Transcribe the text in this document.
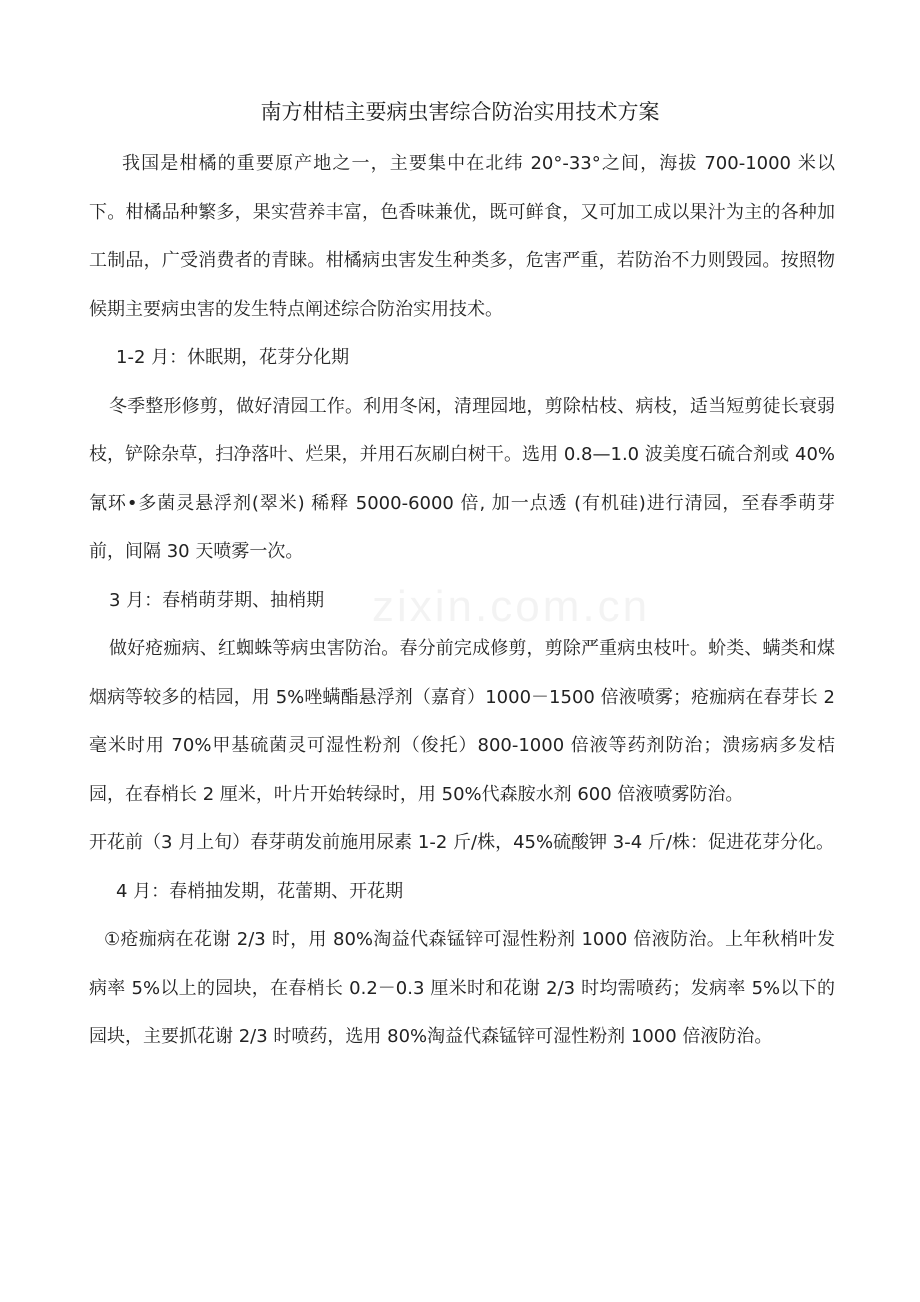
zixin.com.cn
南方柑桔主要病虫害综合防治实用技术方案

我国是柑橘的重要原产地之一，主要集中在北纬 20°-33°之间，海拔 700-1000 米以下。柑橘品种繁多，果实营养丰富，色香味兼优，既可鲜食，又可加工成以果汁为主的各种加工制品，广受消费者的青睐。柑橘病虫害发生种类多，危害严重，若防治不力则毁园。按照物候期主要病虫害的发生特点阐述综合防治实用技术。

1-2 月：休眠期，花芽分化期

冬季整形修剪，做好清园工作。利用冬闲，清理园地，剪除枯枝、病枝，适当短剪徒长衰弱枝，铲除杂草，扫净落叶、烂果，并用石灰刷白树干。选用 0.8—1.0 波美度石硫合剂或 40%氰环•多菌灵悬浮剂(翠米) 稀释 5000-6000 倍, 加一点透 (有机硅)进行清园，至春季萌芽前，间隔 30 天喷雾一次。

3 月：春梢萌芽期、抽梢期

做好疮痂病、红蜘蛛等病虫害防治。春分前完成修剪，剪除严重病虫枝叶。蚧类、螨类和煤烟病等较多的桔园，用 5%唑螨酯悬浮剂（嘉育）1000－1500 倍液喷雾；疮痂病在春芽长 2 毫米时用 70%甲基硫菌灵可湿性粉剂（俊托）800-1000 倍液等药剂防治；溃疡病多发桔园，在春梢长 2 厘米，叶片开始转绿时，用 50%代森胺水剂 600 倍液喷雾防治。

开花前（3 月上旬）春芽萌发前施用尿素 1-2 斤/株，45%硫酸钾 3-4 斤/株：促进花芽分化。

4 月：春梢抽发期，花蕾期、开花期

①疮痂病在花谢 2/3 时，用 80%淘益代森锰锌可湿性粉剂 1000 倍液防治。上年秋梢叶发病率 5%以上的园块，在春梢长 0.2－0.3 厘米时和花谢 2/3 时均需喷药；发病率 5%以下的园块，主要抓花谢 2/3 时喷药，选用 80%淘益代森锰锌可湿性粉剂 1000 倍液防治。
